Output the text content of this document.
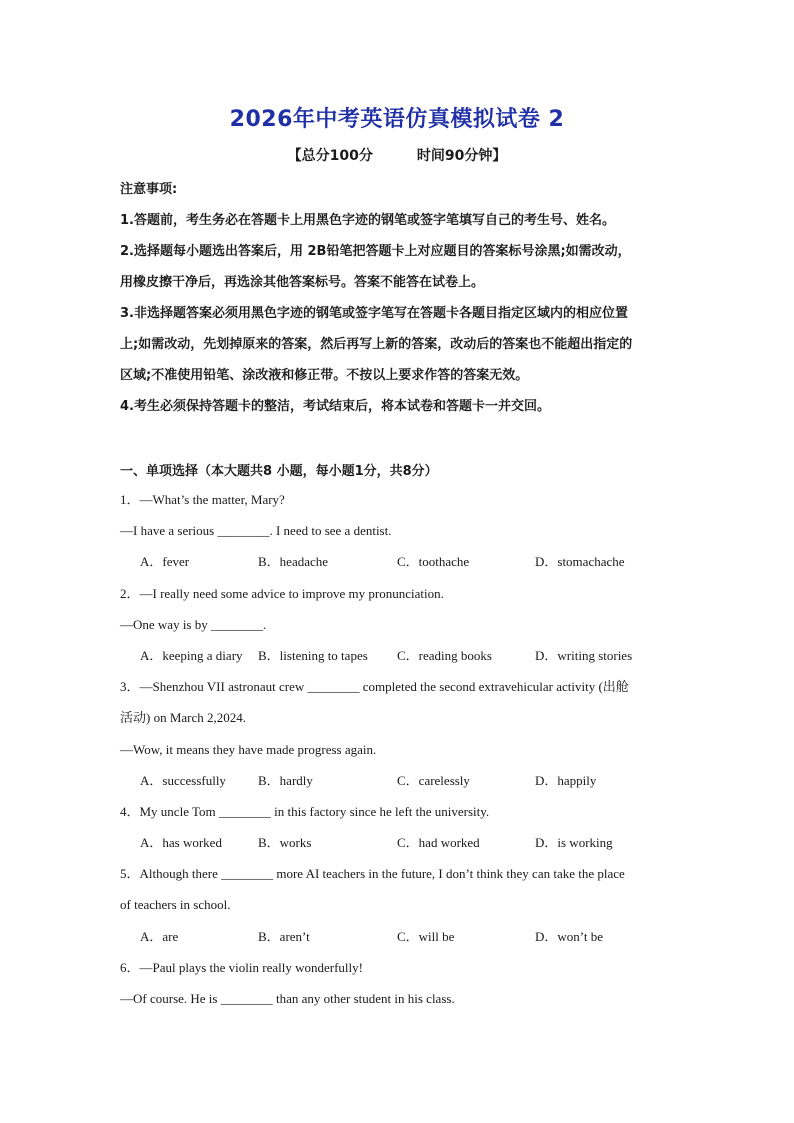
2026年中考英语仿真模拟试卷 2
【总分100分	时间90分钟】
注意事项:
1.答题前，考生务必在答题卡上用黑色字迹的钢笔或签字笔填写自己的考生号、姓名。
2.选择题每小题选出答案后，用 2B铅笔把答题卡上对应题目的答案标号涂黑;如需改动，
用橡皮擦干净后，再选涂其他答案标号。答案不能答在试卷上。
3.非选择题答案必须用黑色字迹的钢笔或签字笔写在答题卡各题目指定区域内的相应位置
上;如需改动，先划掉原来的答案，然后再写上新的答案，改动后的答案也不能超出指定的
区域;不准使用铅笔、涂改液和修正带。不按以上要求作答的答案无效。
4.考生必须保持答题卡的整洁，考试结束后，将本试卷和答题卡一并交回。
一、单项选择（本大题共8 小题，每小题1分，共8分）
1．—What’s the matter, Mary?
—I have a serious ________. I need to see a dentist.
A．fever	B．headache	C．toothache	D．stomachache
2．—I really need some advice to improve my pronunciation.
—One way is by ________.
A．keeping a diary	B．listening to tapes	C．reading books	D．writing stories
3．—Shenzhou VII astronaut crew ________ completed the second extravehicular activity (出舱
活动) on March 2,2024.
—Wow, it means they have made progress again.
A．successfully	B．hardly	C．carelessly	D．happily
4．My uncle Tom ________ in this factory since he left the university.
A．has worked	B．works	C．had worked	D．is working
5．Although there ________ more AI teachers in the future, I don’t think they can take the place
of teachers in school.
A．are	B．aren’t	C．will be	D．won’t be
6．—Paul plays the violin really wonderfully!
—Of course. He is ________ than any other student in his class.
